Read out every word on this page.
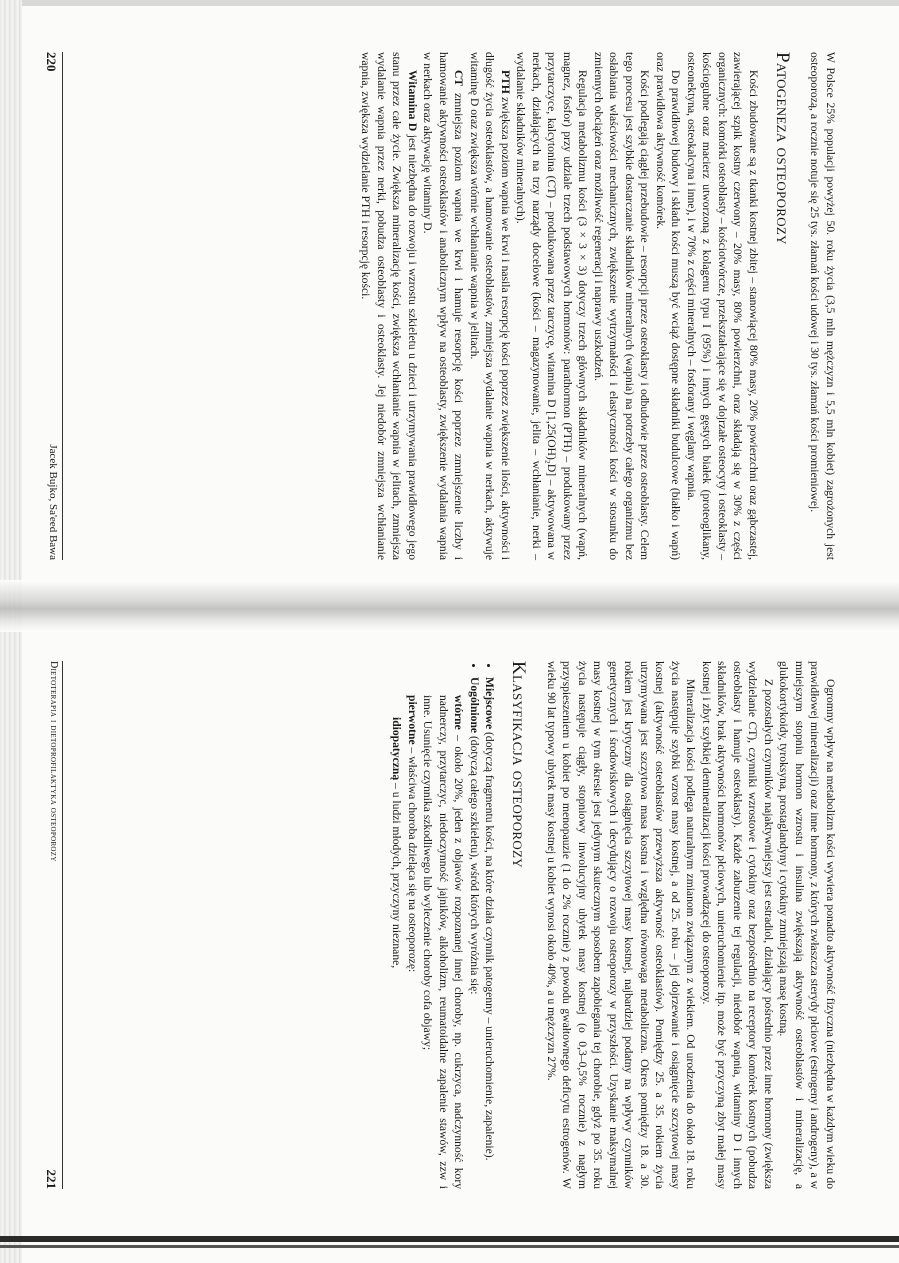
W Polsce 25% populacji powyżej 50. roku życia (3,5 mln mężczyzn i 5,5 mln kobiet) zagrożonych jest osteoporozą, a rocznie notuje się 25 tys. złamań kości udowej i 30 tys. złamań kości promieniowej.

Patogeneza osteoporozy

Kości zbudowane są z tkanki kostnej zbitej – stanowiącej 80% masy, 20% powierzchni oraz gąbczastej, zawierającej szpik kostny czerwony – 20% masy, 80% powierzchni, oraz składają się w 30% z części organicznych: komórki osteoblasty – kościotwórcze, przekształcające się w dojrzałe osteocyty i osteoklasty – kościogubne oraz macierz utworzoną z kolagenu typu I (95%) i innych gęstych białek (proteoglikany, osteonektyna, osteokalcyna i inne), i w 70% z części mineralnych – fosforany i węglany wapnia.

Do prawidłowej budowy i składu kości muszą być wciąż dostępne składniki budulcowe (białko i wapń) oraz prawidłowa aktywność komórek.

Kości podlegają ciągłej przebudowie – resorpcji przez osteoklasty i odbudowie przez osteoblasty. Celem tego procesu jest szybkie dostarczanie składników mineralnych (wapnia) na potrzeby całego organizmu bez osłabiania właściwości mechanicznych, zwiększenie wytrzymałości i elastyczności kości w stosunku do zmiennych obciążeń oraz możliwość regeneracji i naprawy uszkodzeń.

Regulacja metabolizmu kości (3 × 3 × 3) dotyczy trzech głównych składników mineralnych (wapń, magnez, fosfor) przy udziale trzech podstawowych hormonów: parathormon (PTH) – produkowany przez przytarczyce, kalcytonina (CT) – produkowana przez tarczycę, witamina D [1,25(OH)₂D] – aktywowana w nerkach, działających na trzy narządy docelowe (kości – magazynowanie, jelita – wchłanianie, nerki – wydalanie składników mineralnych).

PTH zwiększa poziom wapnia we krwi i nasila resorpcję kości poprzez zwiększenie ilości, aktywności i długość życia osteoklastów, a hamowanie osteoblastów, zmniejsza wydalanie wapnia w nerkach, aktywuje witaminę D oraz zwiększa wtórnie wchłanianie wapnia w jelitach.

CT zmniejsza poziom wapnia we krwi i hamuje resorpcję kości poprzez zmniejszenie liczby i hamowanie aktywności osteoklastów i anabolicznym wpływ na osteoblasty, zwiększenie wydalania wapnia w nerkach oraz aktywację witaminy D.

Witamina D jest niezbędna do rozwoju i wzrostu szkieletu u dzieci i utrzymywania prawidłowego jego stanu przez całe życie. Zwiększa mineralizację kości, zwiększa wchłanianie wapnia w jelitach, zmniejsza wydalanie wapnia przez nerki, pobudza osteoblasty i osteoklasty. Jej niedobór zmniejsza wchłanianie wapnia, zwiększa wydzielanie PTH i resorpcję kości.

220
Jacek Bujko, Sa'eed Bawa

Ogromny wpływ na metabolizm kości wywiera ponadto aktywność fizyczna (niezbędna w każdym wieku do prawidłowej mineralizacji) oraz inne hormony, z których zwłaszcza sterydy płciowe (estrogeny i androgeny), a w mniejszym stopniu hormon wzrostu i insulina zwiększają aktywność osteoblastów i mineralizację, a glukokortykoidy, tyroksyna, prostaglandyny i cytokiny zmniejszają masę kostną.

Z pozostałych czynników najaktywniejszy jest estradiol, działający pośrednio przez inne hormony (zwiększa wydzielanie CT), czynniki wzrostowe i cytokiny oraz bezpośrednio na receptory komórek kostnych (pobudza osteoblasty i hamuje osteoklasty). Każde zaburzenie tej regulacji, niedobór wapnia, witaminy D i innych składników, brak aktywności hormonów płciowych, unieruchomienie itp. może być przyczyną zbyt małej masy kostnej i zbyt szybkiej demineralizacji kości prowadzącej do osteoporozy.

Mineralizacja kości podlega naturalnym zmianom związanym z wiekiem. Od urodzenia do około 18. roku życia następuje szybki wzrost masy kostnej, a od 25. roku – jej dojrzewanie i osiągnięcie szczytowej masy kostnej (aktywność osteoblastów przewyższa aktywność osteoklastów). Pomiędzy 25. a 35. rokiem życia utrzymywana jest szczytowa masa kostna i względna równowaga metaboliczna. Okres pomiędzy 18. a 30. rokiem jest krytyczny dla osiągnięcia szczytowej masy kostnej, najbardziej podatny na wpływy czynników genetycznych i środowiskowych i decydujący o rozwoju osteoporozy w przyszłości. Uzyskanie maksymalnej masy kostnej w tym okresie jest jedynym skutecznym sposobem zapobiegania tej chorobie, gdyż po 35. roku życia następuje ciągły, stopniowy inwolucyjny ubytek masy kostnej (o 0,3–0,5% rocznie) z nagłym przyspieszeniem u kobiet po menopauzie (1 do 2% rocznie) z powodu gwałtownego deficytu estrogenów. W wieku 90 lat typowy ubytek masy kostnej u kobiet wynosi około 40%, a u mężczyzn 27%.

Klasyfikacja osteoporozy
• Miejscowe (dotyczą fragmentu kości, na które działa czynnik patogenny – unieruchomienie, zapalenie).
• Uogólnione (dotyczą całego szkieletu), wśród których wyróżnia się:
wtórne – około 20%, jeden z objawów rozpoznanej innej choroby, np. cukrzyca, nadczynność kory nadnerczy, przytarczyc, niedoczynność jajników, alkoholizm, reumatoidalne zapalenie stawów, zzw i inne. Usunięcie czynnika szkodliwego lub wyleczenie choroby cofa objawy;
pierwotne – właściwa choroba dzieląca się na osteoporozę:
idiopatyczną – u ludzi młodych, przyczyny nieznane,
Dietoterapia i dietoprofilaktyka osteoporozy
221
